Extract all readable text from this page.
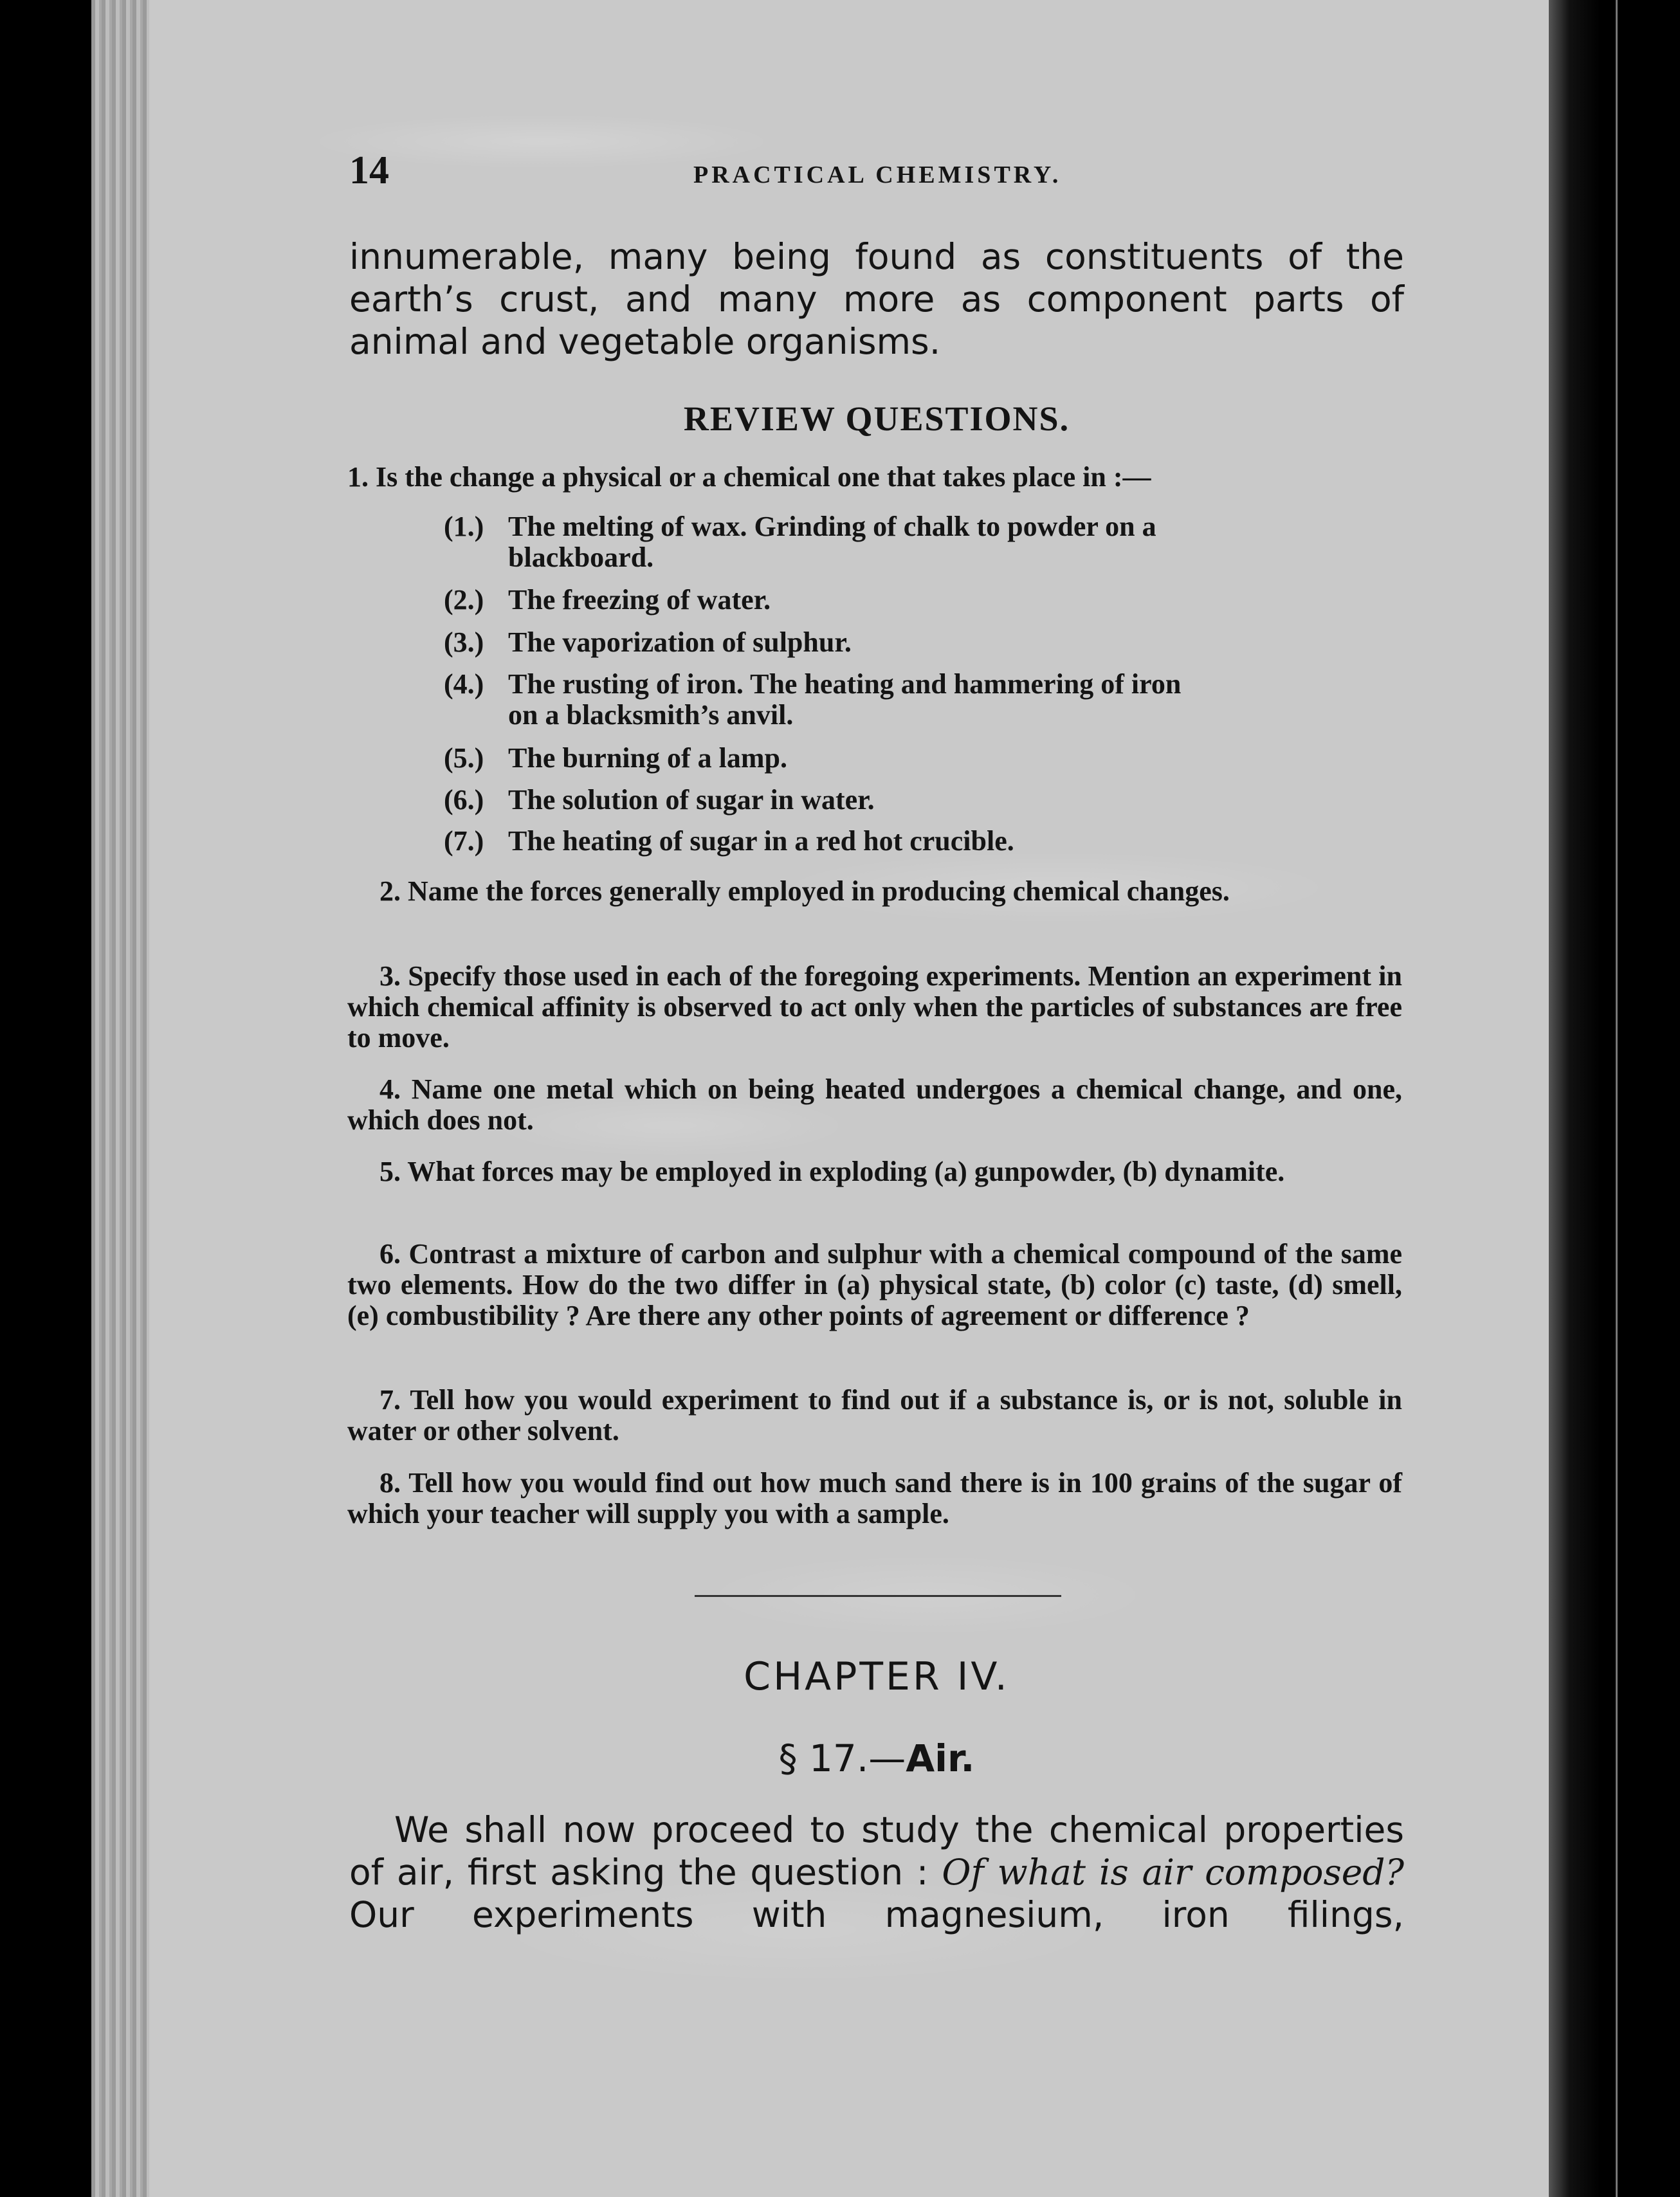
14	PRACTICAL CHEMISTRY.
innumerable, many being found as constituents of the earth’s crust, and many more as component parts of animal and vegetable organisms.
REVIEW QUESTIONS.
1. Is the change a physical or a chemical one that takes place in :—
(1.) The melting of wax. Grinding of chalk to powder on a
blackboard.
(2.) The freezing of water.
(3.) The vaporization of sulphur.
(4.) The rusting of iron. The heating and hammering of iron
on a blacksmith’s anvil.
(5.) The burning of a lamp.
(6.) The solution of sugar in water.
(7.) The heating of sugar in a red hot crucible.
2. Name the forces generally employed in producing chemical changes.
3. Specify those used in each of the foregoing experiments. Mention an experiment in which chemical affinity is observed to act only when the particles of substances are free to move.
4. Name one metal which on being heated undergoes a chemical change, and one, which does not.
5. What forces may be employed in exploding (a) gunpowder, (b) dynamite.
6. Contrast a mixture of carbon and sulphur with a chemical compound of the same two elements. How do the two differ in (a) physical state, (b) color (c) taste, (d) smell, (e) combustibility ? Are there any other points of agreement or difference ?
7. Tell how you would experiment to find out if a substance is, or is not, soluble in water or other solvent.
8. Tell how you would find out how much sand there is in 100 grains of the sugar of which your teacher will supply you with a sample.
CHAPTER IV.
§ 17.—Air.
We shall now proceed to study the chemical properties of air, first asking the question : Of what is air composed? Our experiments with magnesium, iron filings,
